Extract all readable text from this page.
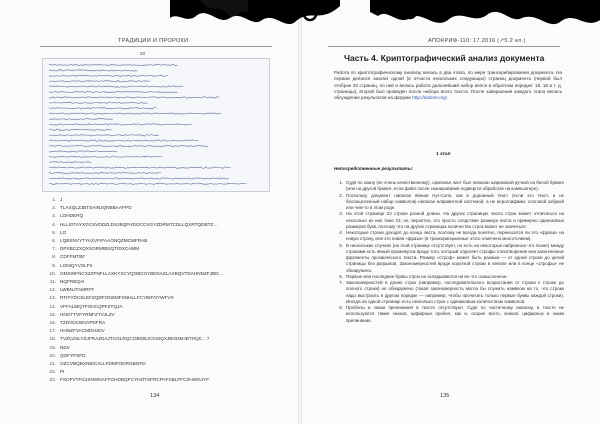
ТРАДИЦИИ И ПРОРОКИ	АПОКРИФ-110: 17.2016 (↗5.2 ел.)
20
1. J
2. TLAXQLZJBTSAINJQNBBAAFPO
3. LOHDERQ
4. HLLIOTAYXGCSVDDZLDSJBQFHDOCCXGYZDRMTCDLLQXRTQDBTZ…
5. LO
6. LQBSNVYTYAXVFIFAAONQZMCMFRAB
7. DPXBCZXQXSORMIBSQTIDXCAMM
8. CDFFMTBF
9. LGNIQYVSLFS
10. OMXWFNCXZZFNFLLAXKYXCYQOBCSYBDSAZLAXBQVTDAHNNZFJBD…
11. NQFRBQAI
12. LWBNJTAMRFF
13. RTIFYDCSLEFZQDFONSMFSNHLLFCYBIFOYWFVX
14. VFFALMQTFOHCQPFZTQJA
15. HNGTTVFYRNFZTVJLZV
16. TZDVDCIBVAPDFRA
17. HHNZFVACMDHJDV
18. TVZCZSLYZJFRAZDAJTCGLRQCOBGBJCGSIQXJBODMJBTHQC…?
19. NDV
20. QOFYFSFD
21. OZCVBQBXNBICALLFDMFODRGBOFD
22. PI
23. FSOFVTFGJSNWNAFFOHDBQFCYHOTSFRCPAFSBLFFCZHWGJYF
134
Часть 4. Криптографический анализ документа

Работа по криптографическому анализу велась в два этапа, по мере транскрибирования документа. На первом делался анализ одной (в отчасти нескольких следующих) страниц документа (первой был отобран 20 страниц, по ней и велась работа дальнейший набор велся в обратном порядке: 19, 18 и т. д. страницы), второй был проведён после набора всего текста. После завершения каждого этапа велось обсуждение результатов на форуме http://eldorer.org/

1 этап
Непосредственные результаты:
1. Судя по скану (не очень качественному), оригинал лист был написан шариковой ручкой на белой бумаге (или на другой бумаге, если файл после сканирования подвергся обработке на компьютере).
2. Поскольку документ написан явным Hyr-Cons, как в дорожный текст (если это текст, а не бессмысленный набор символов) написан алфавитной системой, а не иероглифами, слоговой азбукой или чем-то в этом роде.
3. На этой странице 23 строки разной длины. На других страницах число строк может отличаться на несколько их них тоже 23, но, вероятно, это просто следствие размера листа и примерно одинаковых размеров букв, поэтому что на других страницах количество строк может не значиться.
4. Некоторые строки доходят до конца листа, поэтому не всегда понятно, переносится ли это «фраза» на новую строку, или это новая «фраза» (в транскрипционные этого отмечено многоточием).
5. В нескольких случаях (на этой странице отсутствует, но есть на некоторых набранных что позже) между строками есть явный промежуток вроде того, который отделяет строфы стихотворения или законченные фрагменты прозаического текста. Размер «строф» может быть разным — от одной строки до целой страницы без разрывов. Закономерностей вроде короткой строки в начале или в конце «строфы» не обнаружено.
6. Первые или последние буквы строк не складываются ни во что осмысленное.
7. Закономерностей в длине строк (например, последовательного возрастания от строки к строке до полного строки) не обнаружено (такая закономерность могла бы служить намёком на то, что строки надо выстроить в другом порядке — например, чтобы прочитать только первые буквы каждой строки). Иногда на одной странице есть несколько строк с одинаковым количеством символов.
8. Пробелы и знаки препинания в тексте отсутствуют. Судя по частичному анализу, в тексте не используются также знаков, цифирных пробел, как и, скорее всего, знаков, цифирных и знаки препинания.
135
